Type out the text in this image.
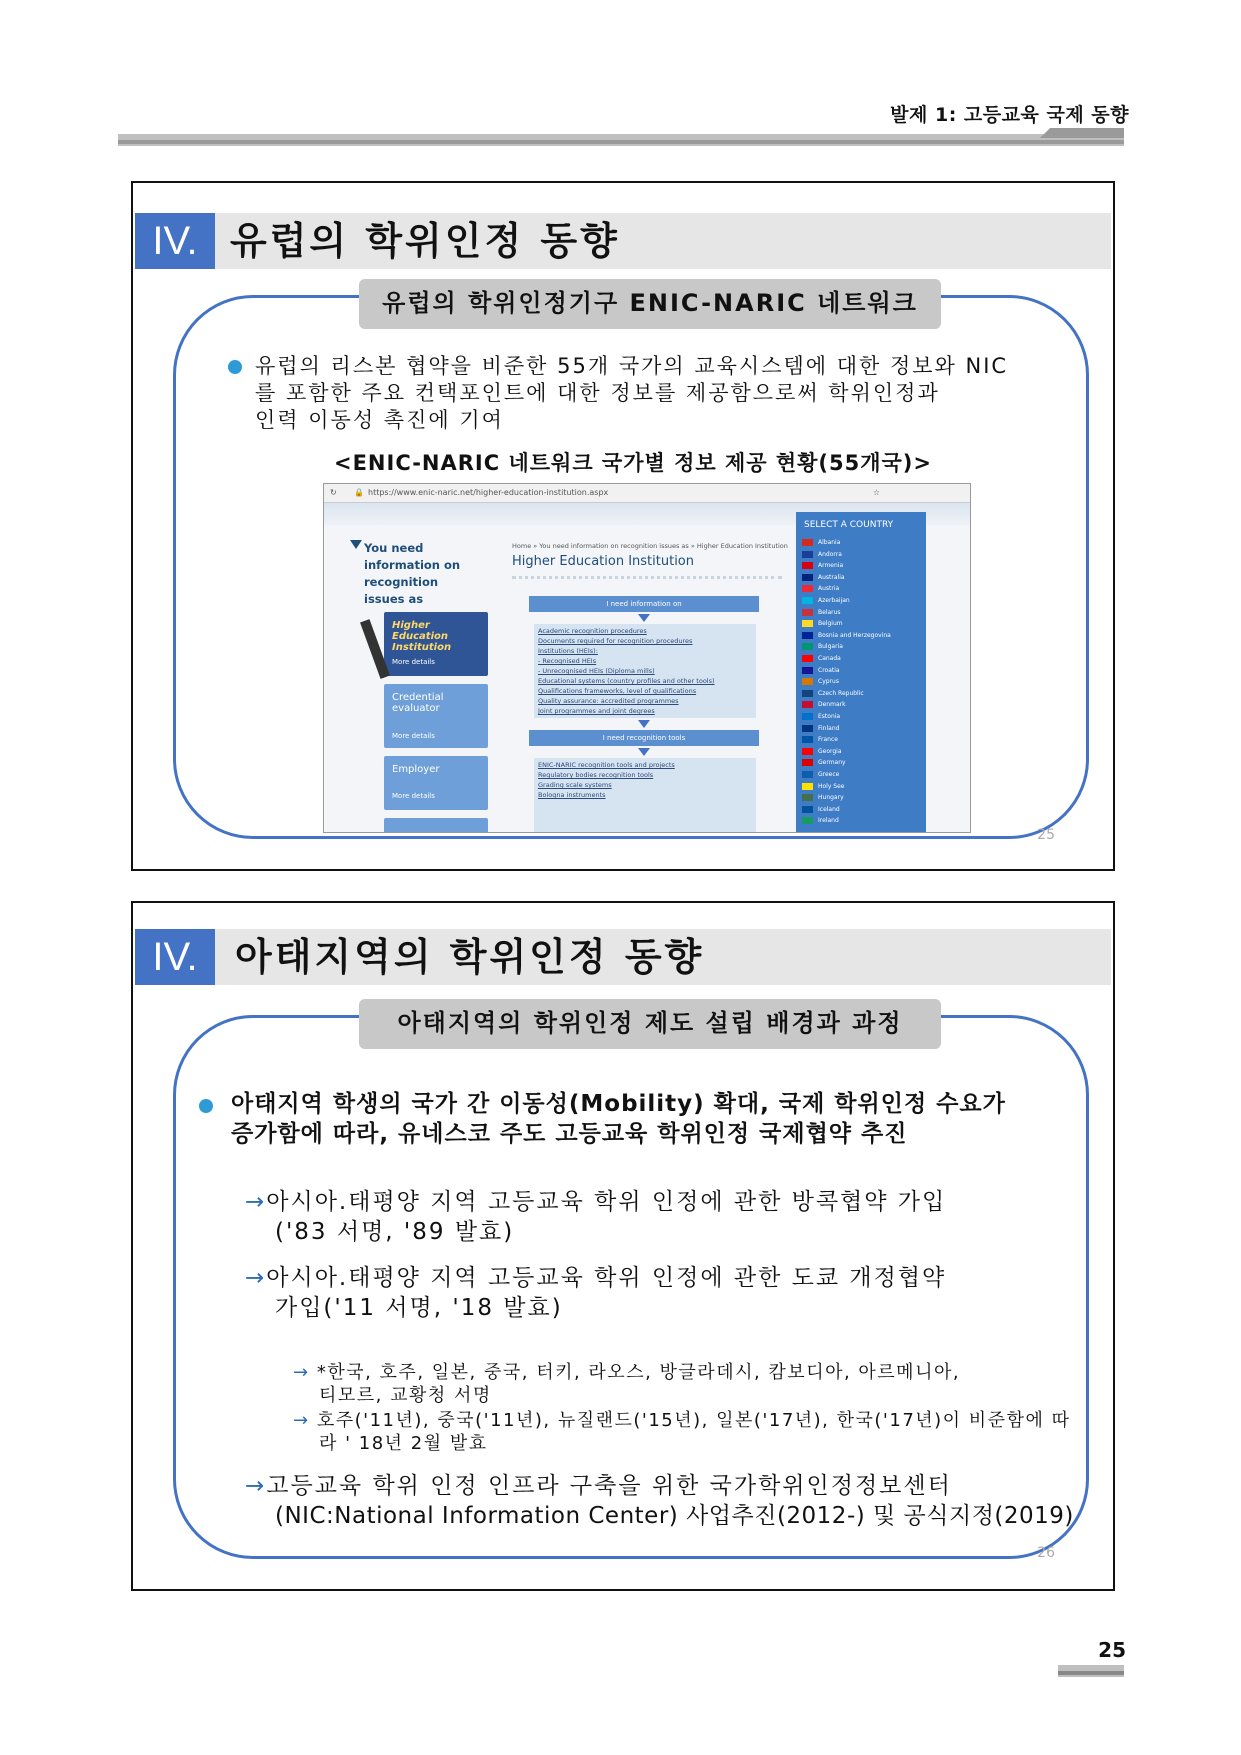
발제 1: 고등교육 국제 동향
IV. 유럽의 학위인정 동향
유럽의 학위인정기구 ENIC-NARIC 네트워크
유럽의 리스본 협약을 비준한 55개 국가의 교육시스템에 대한 정보와 NIC
를 포함한 주요 컨택포인트에 대한 정보를 제공함으로써 학위인정과
인력 이동성 촉진에 기여
<ENIC-NARIC 네트워크 국가별 정보 제공 현황(55개국)>
↻ 🔒 https://www.enic-naric.net/higher-education-institution.aspx	☆
You need information on recognition issues as
Higher Education Institution
More details
Credential evaluator
More details
Employer
More details
Home » You need information on recognition issues as » Higher Education Institution
Higher Education Institution
I need information on
Academic recognition procedures
Documents required for recognition procedures
Institutions (HEIs):
- Recognised HEIs
- Unrecognised HEIs (Diploma mills)
Educational systems (country profiles and other tools)
Qualifications frameworks, level of qualifications
Quality assurance: accredited programmes
Joint programmes and joint degrees
I need recognition tools
ENIC-NARIC recognition tools and projects
Regulatory bodies recognition tools
Grading scale systems
Bologna instruments
SELECT A COUNTRY
Albania
Andorra
Armenia
Australia
Austria
Azerbaijan
Belarus
Belgium
Bosnia and Herzegovina
Bulgaria
Canada
Croatia
Cyprus
Czech Republic
Denmark
Estonia
Finland
France
Georgia
Germany
Greece
Holy See
Hungary
Iceland
Ireland
25
IV. 아태지역의 학위인정 동향
아태지역의 학위인정 제도 설립 배경과 과정
아태지역 학생의 국가 간 이동성(Mobility) 확대, 국제 학위인정 수요가
증가함에 따라, 유네스코 주도 고등교육 학위인정 국제협약 추진
→아시아.태평양 지역 고등교육 학위 인정에 관한 방콕협약 가입
('83 서명, '89 발효)
→아시아.태평양 지역 고등교육 학위 인정에 관한 도쿄 개정협약
가입('11 서명, '18 발효)
→ *한국, 호주, 일본, 중국, 터키, 라오스, 방글라데시, 캄보디아, 아르메니아,
티모르, 교황청 서명
→ 호주('11년), 중국('11년), 뉴질랜드('15년), 일본('17년), 한국('17년)이 비준함에 따
라 ' 18년 2월 발효
→고등교육 학위 인정 인프라 구축을 위한 국가학위인정정보센터
(NIC:National Information Center) 사업추진(2012-) 및 공식지정(2019)
26
25
